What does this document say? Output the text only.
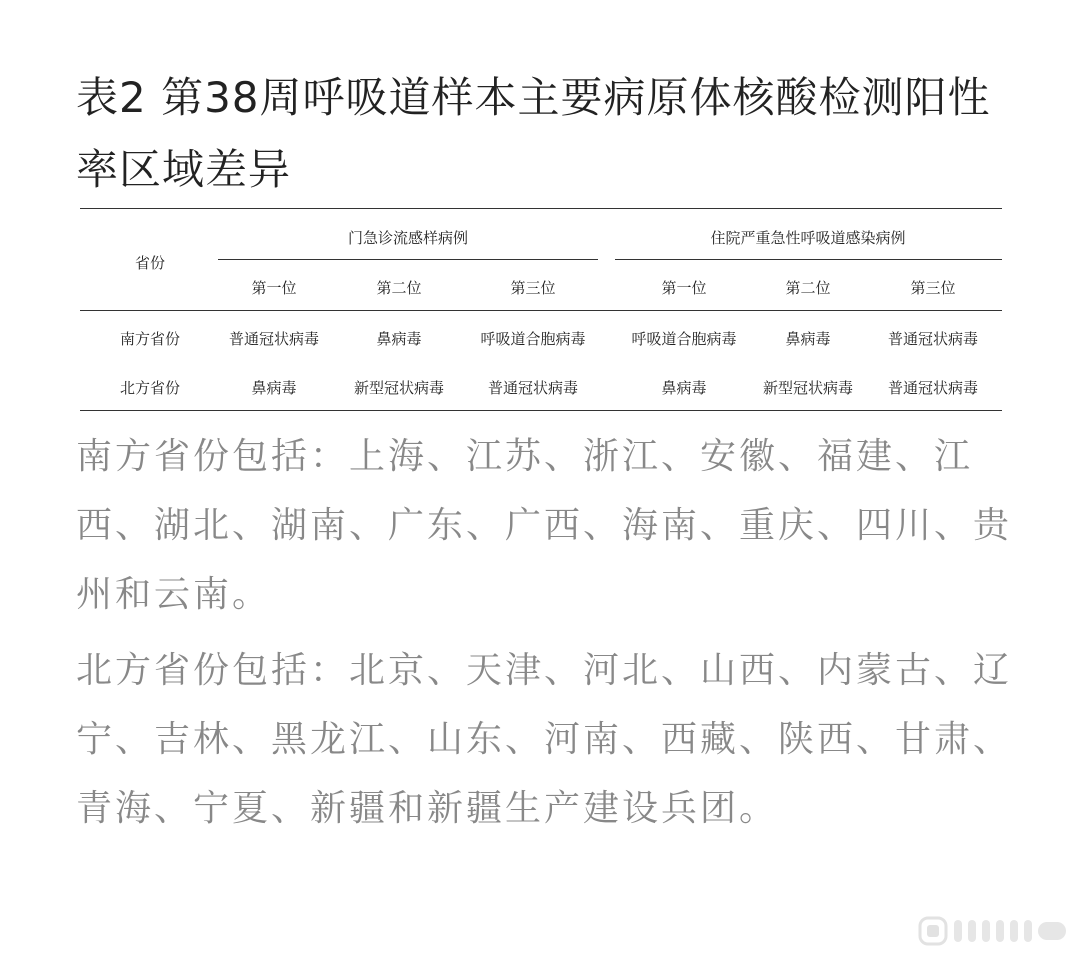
表2 第38周呼吸道样本主要病原体核酸检测阳性率区域差异
省份
门急诊流感样病例	住院严重急性呼吸道感染病例
第一位	第二位	第三位	第一位	第二位	第三位
南方省份	普通冠状病毒	鼻病毒	呼吸道合胞病毒	呼吸道合胞病毒	鼻病毒	普通冠状病毒
北方省份	鼻病毒	新型冠状病毒	普通冠状病毒	鼻病毒	新型冠状病毒 普通冠状病毒

南方省份包括：上海、江苏、浙江、安徽、福建、江西、湖北、湖南、广东、广西、海南、重庆、四川、贵州和云南。

北方省份包括：北京、天津、河北、山西、内蒙古、辽宁、吉林、黑龙江、山东、河南、西藏、陕西、甘肃、青海、宁夏、新疆和新疆生产建设兵团。
